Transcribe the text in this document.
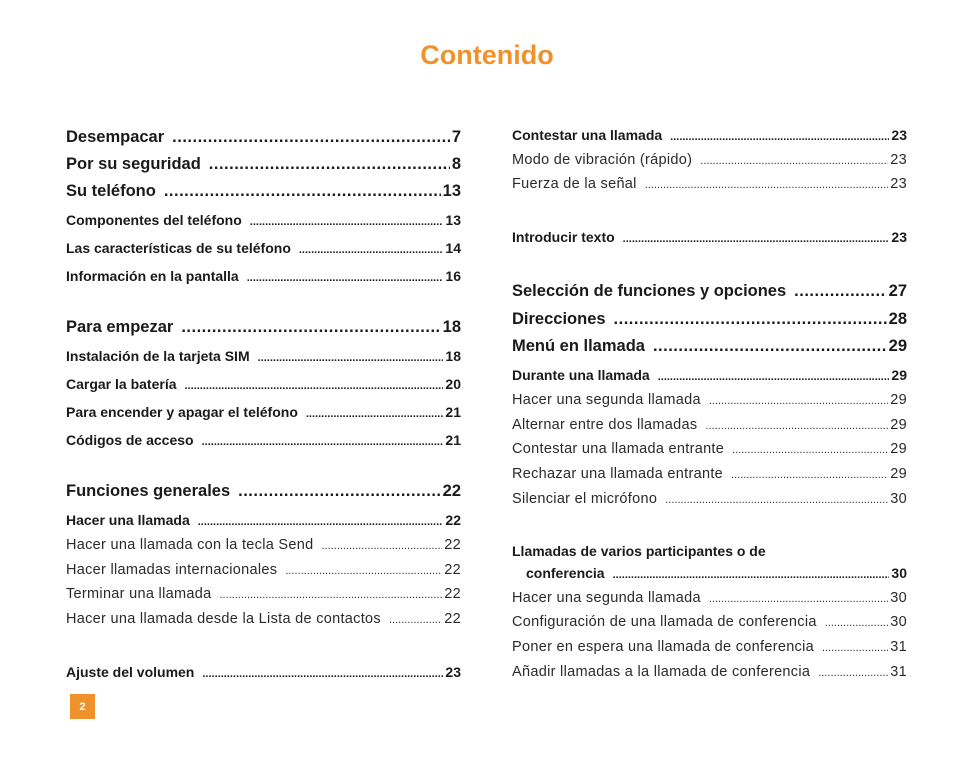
Contenido
Desempacar .....	7
Por su seguridad .....	8
Su teléfono .....	13
Componentes del teléfono .....	13
Las características de su teléfono .....	14
Información en la pantalla .....	16
Para empezar .....	18
Instalación de la tarjeta SIM .....	18
Cargar la batería .....	20
Para encender y apagar el teléfono .....	21
Códigos de acceso .....	21
Funciones generales .....	22
Hacer una llamada .....	22
Hacer una llamada con la tecla Send .....	22
Hacer llamadas internacionales .....	22
Terminar una llamada .....	22
Hacer una llamada desde la Lista de contactos .....	22
Ajuste del volumen .....	23
Contestar una llamada .....	23
Modo de vibración (rápido) .....	23
Fuerza de la señal .....	23
Introducir texto .....	23
Selección de funciones y opciones .....	27
Direcciones .....	28
Menú en llamada .....	29
Durante una llamada .....	29
Hacer una segunda llamada .....	29
Alternar entre dos llamadas .....	29
Contestar una llamada entrante .....	29
Rechazar una llamada entrante .....	29
Silenciar el micrófono .....	30
Llamadas de varios participantes o de
conferencia .....	30
Hacer una segunda llamada .....	30
Configuración de una llamada de conferencia .....	30
Poner en espera una llamada de conferencia .....	31
Añadir llamadas a la llamada de conferencia .....	31
2
